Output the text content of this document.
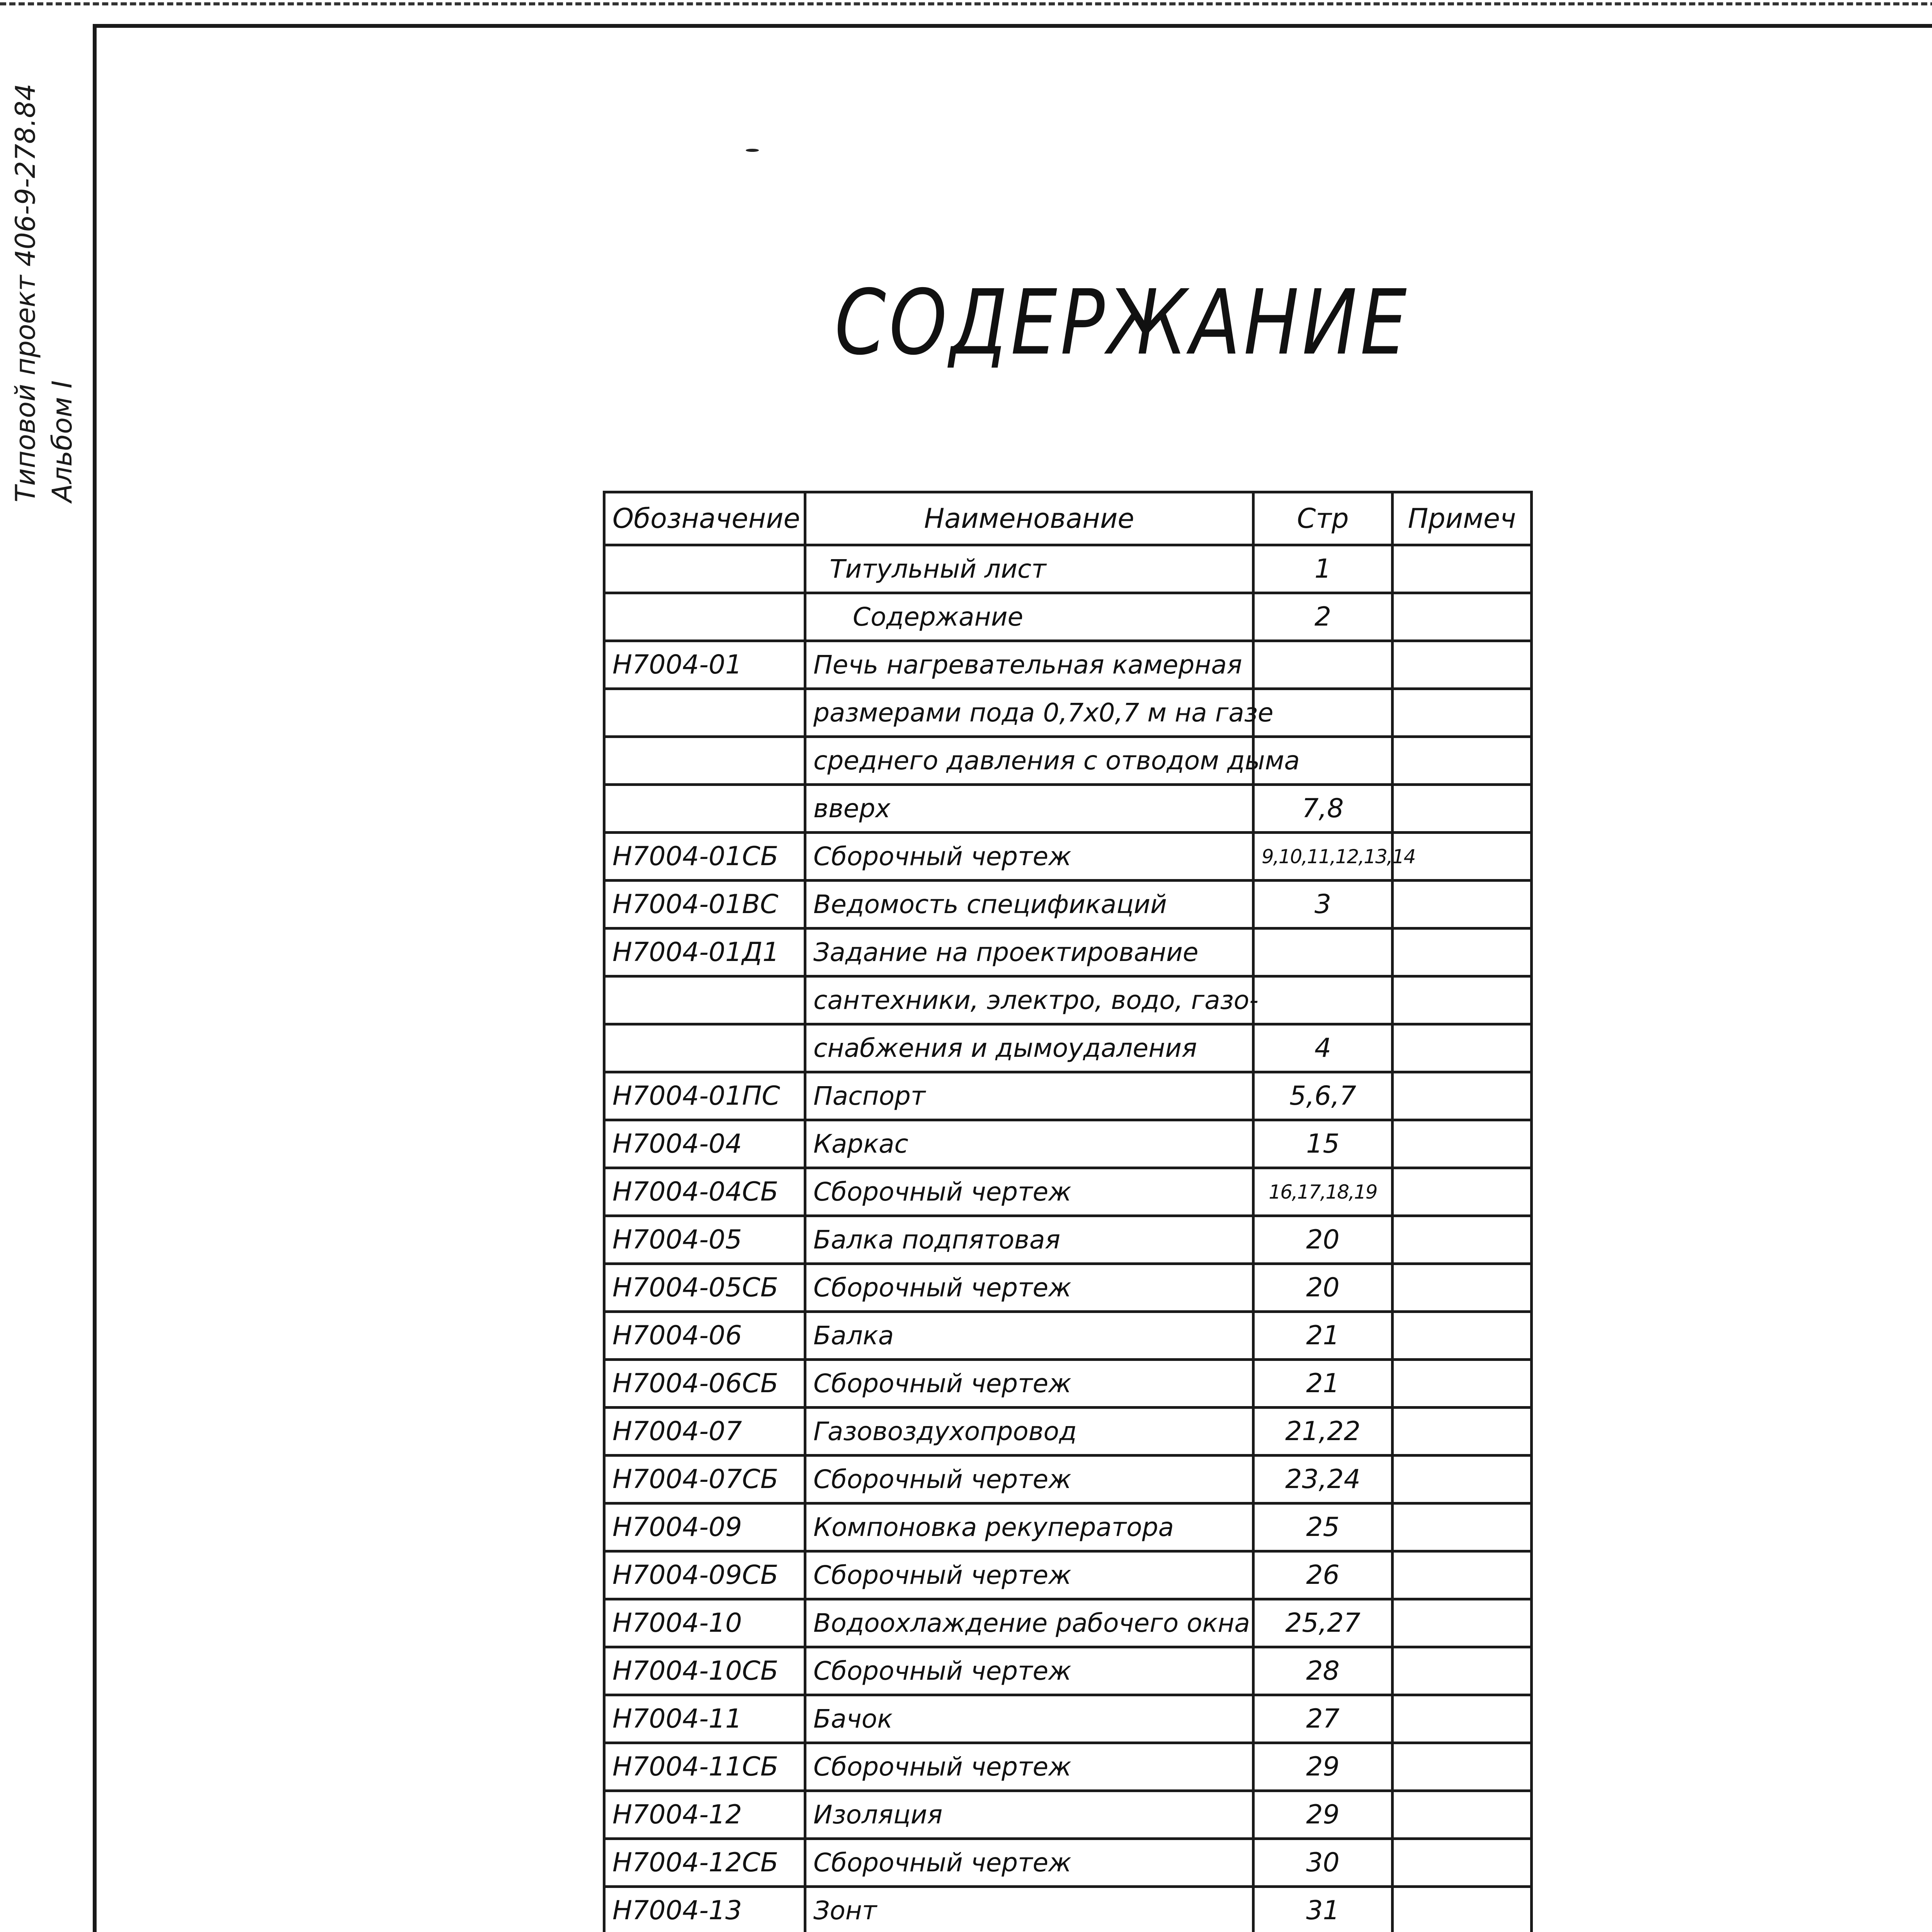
Типовой проект 406-9-278.84 Альбом I
СОДЕРЖАНИЕ
Обозначение	Наименование	Стр	Примеч
	Титульный лист	1	
	Содержание	2	
Н7004-01	Печь нагревательная камерная		
	размерами пода 0,7х0,7 м на газе		
	среднего давления с отводом дыма		
	вверх	7,8	
Н7004-01СБ	Сборочный чертеж	9,10,11,12,13,14	
Н7004-01ВС	Ведомость спецификаций	3	
Н7004-01Д1	Задание на проектирование		
	сантехники, электро, водо, газо-		
	снабжения и дымоудаления	4	
Н7004-01ПС	Паспорт	5,6,7	
Н7004-04	Каркас	15	
Н7004-04СБ	Сборочный чертеж	16,17,18,19	
Н7004-05	Балка подпятовая	20	
Н7004-05СБ	Сборочный чертеж	20	
Н7004-06	Балка	21	
Н7004-06СБ	Сборочный чертеж	21	
Н7004-07	Газовоздухопровод	21,22	
Н7004-07СБ	Сборочный чертеж	23,24	
Н7004-09	Компоновка рекуператора	25	
Н7004-09СБ	Сборочный чертеж	26	
Н7004-10	Водоохлаждение рабочего окна	25,27	
Н7004-10СБ	Сборочный чертеж	28	
Н7004-11	Бачок	27	
Н7004-11СБ	Сборочный чертеж	29	
Н7004-12	Изоляция	29	
Н7004-12СБ	Сборочный чертеж	30	
Н7004-13	Зонт	31	
